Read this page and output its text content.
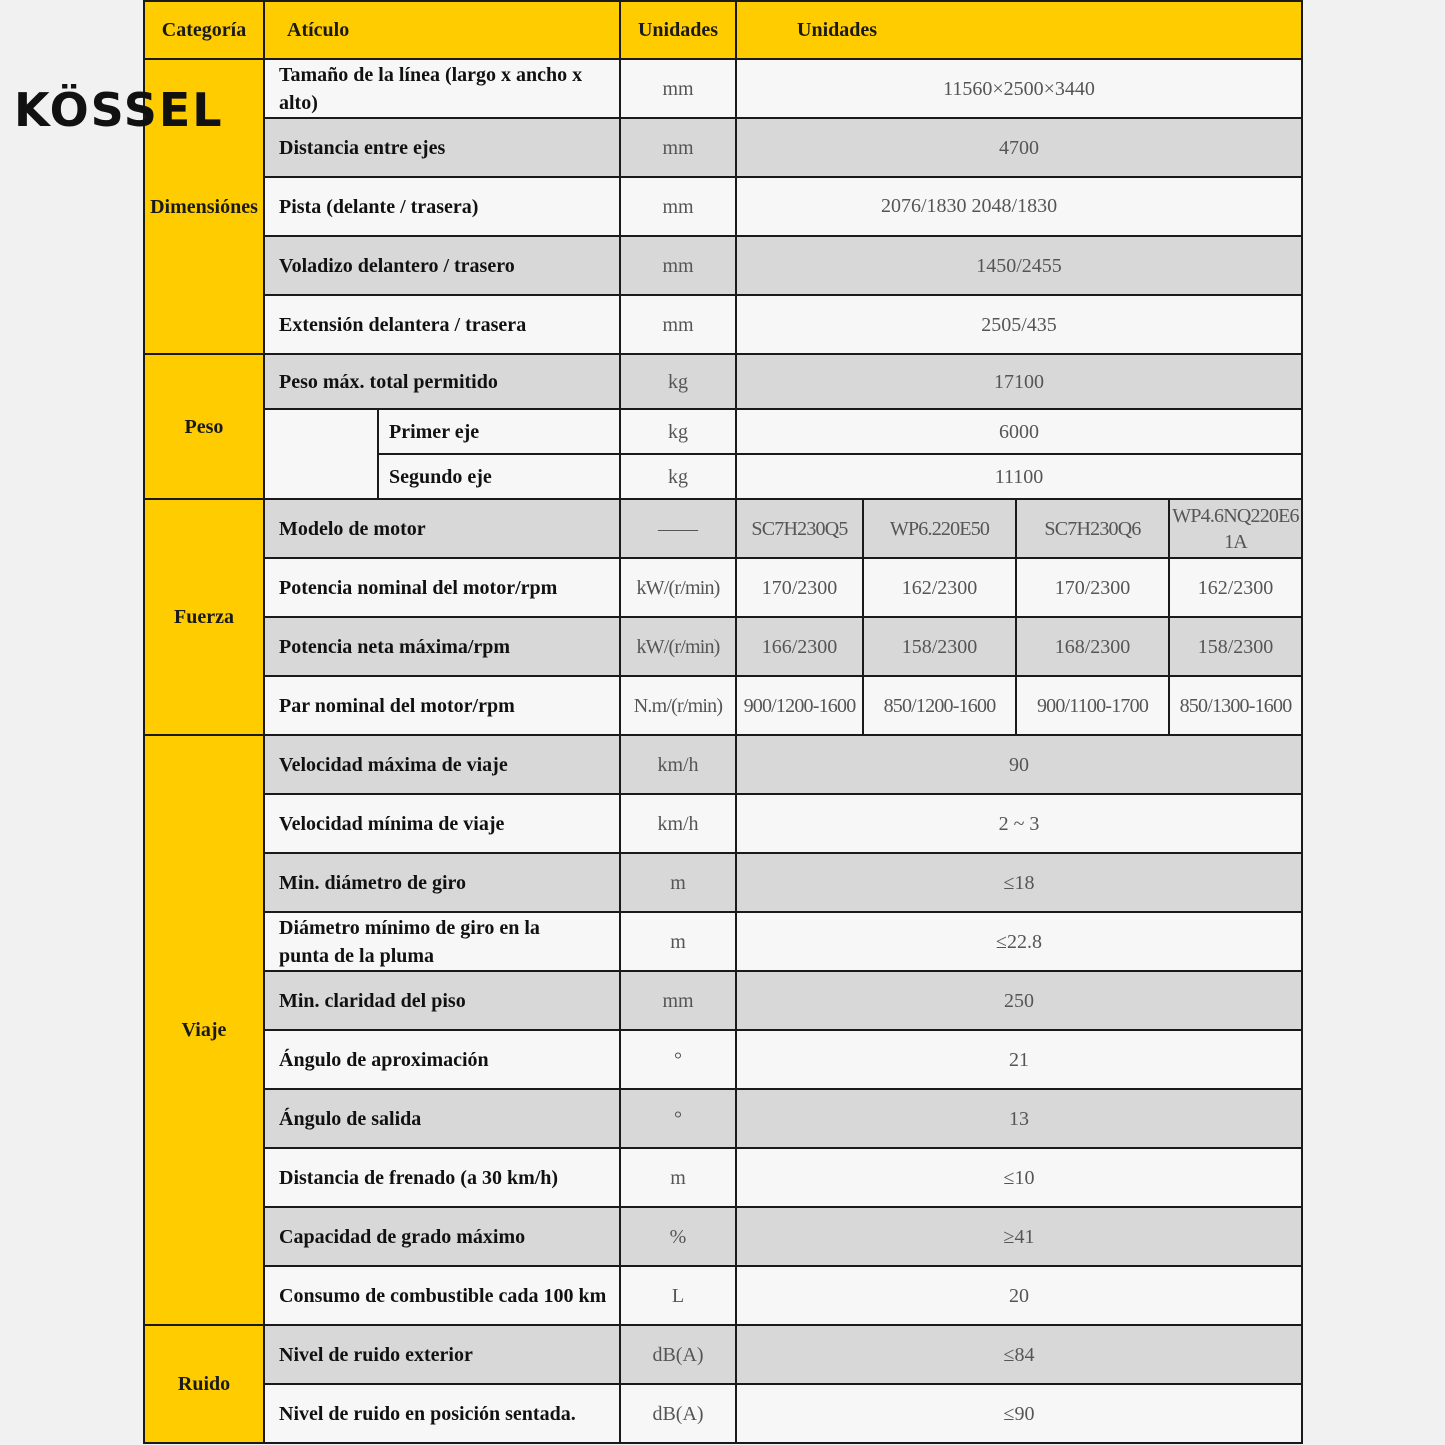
KÖSSEL
Categoría	Atículo		Unidades	Unidades			
Dimensiónes	Tamaño de la línea (largo x ancho x alto)		mm	11560×2500×3440			
	Distancia entre ejes		mm	4700			
	Pista (delante / trasera)		mm	2076/1830 2048/1830			
	Voladizo delantero / trasero		mm	1450/2455			
	Extensión delantera / trasera		mm	2505/435			
Peso	Peso máx. total permitido		kg	17100			
		Primer eje	kg	6000			
		Segundo eje	kg	11100			
Fuerza	Modelo de motor		——	SC7H230Q5	WP6.220E50	SC7H230Q6	WP4.6NQ220E61A
	Potencia nominal del motor/rpm		kW/(r/min)	170/2300	162/2300	170/2300	162/2300
	Potencia neta máxima/rpm		kW/(r/min)	166/2300	158/2300	168/2300	158/2300
	Par nominal del motor/rpm		N.m/(r/min)	900/1200-1600	850/1200-1600	900/1100-1700	850/1300-1600
Viaje	Velocidad máxima de viaje		km/h	90			
	Velocidad mínima de viaje		km/h	2 ~ 3			
	Min. diámetro de giro		m	≤18			
	Diámetro mínimo de giro en la punta de la pluma		m	≤22.8			
	Min. claridad del piso		mm	250			
	Ángulo de aproximación		°	21			
	Ángulo de salida		°	13			
	Distancia de frenado (a 30 km/h)		m	≤10			
	Capacidad de grado máximo		%	≥41			
	Consumo de combustible cada 100 km		L	20			
Ruido	Nivel de ruido exterior		dB(A)	≤84			
	Nivel de ruido en posición sentada.		dB(A)	≤90			
